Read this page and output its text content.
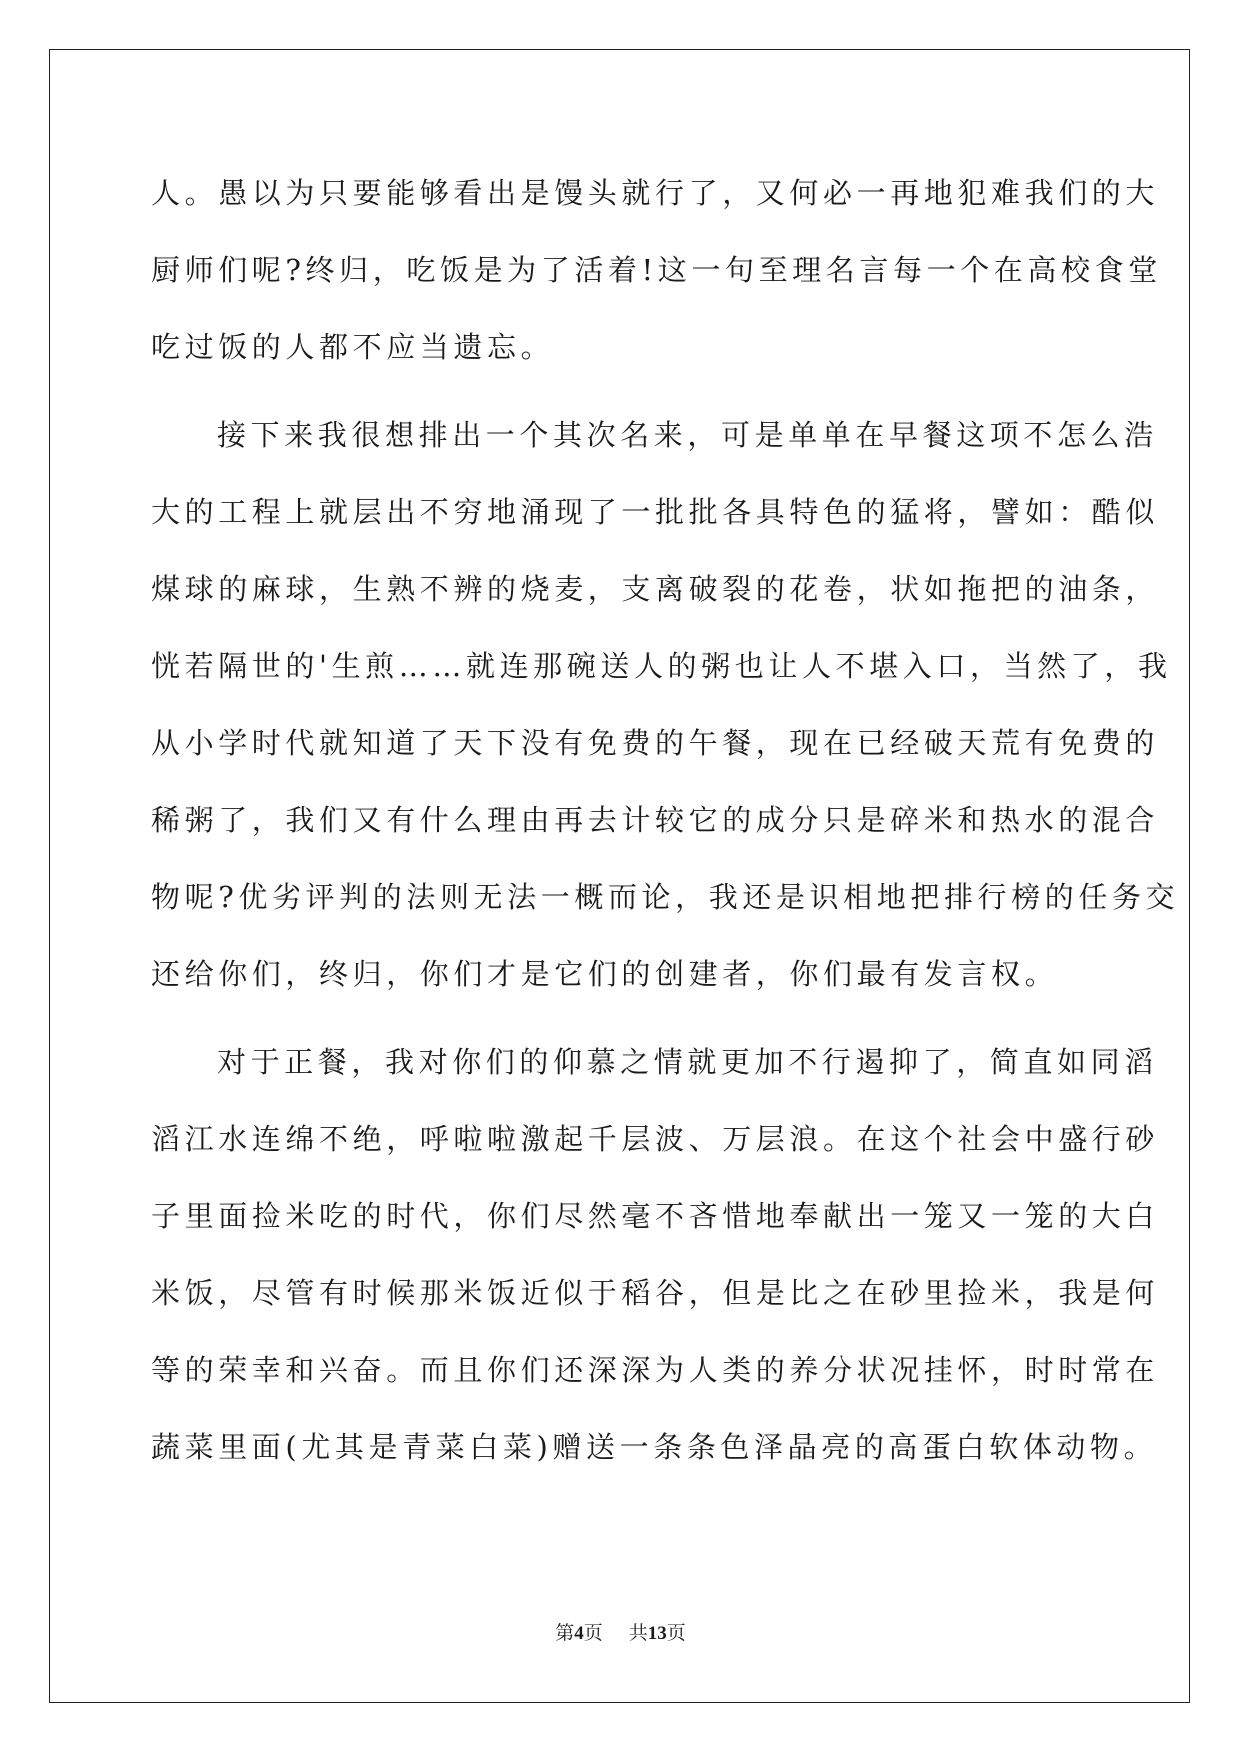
人。愚以为只要能够看出是馒头就行了，又何必一再地犯难我们的大
厨师们呢?终归，吃饭是为了活着!这一句至理名言每一个在高校食堂
吃过饭的人都不应当遗忘。
接下来我很想排出一个其次名来，可是单单在早餐这项不怎么浩
大的工程上就层出不穷地涌现了一批批各具特色的猛将，譬如：酷似
煤球的麻球，生熟不辨的烧麦，支离破裂的花卷，状如拖把的油条，
恍若隔世的'生煎……就连那碗送人的粥也让人不堪入口，当然了，我
从小学时代就知道了天下没有免费的午餐，现在已经破天荒有免费的
稀粥了，我们又有什么理由再去计较它的成分只是碎米和热水的混合
物呢?优劣评判的法则无法一概而论，我还是识相地把排行榜的任务交
还给你们，终归，你们才是它们的创建者，你们最有发言权。
对于正餐，我对你们的仰慕之情就更加不行遏抑了，简直如同滔
滔江水连绵不绝，呼啦啦激起千层波、万层浪。在这个社会中盛行砂
子里面捡米吃的时代，你们尽然毫不吝惜地奉献出一笼又一笼的大白
米饭，尽管有时候那米饭近似于稻谷，但是比之在砂里捡米，我是何
等的荣幸和兴奋。而且你们还深深为人类的养分状况挂怀，时时常在
蔬菜里面(尤其是青菜白菜)赠送一条条色泽晶亮的高蛋白软体动物。
第4页 共13页
